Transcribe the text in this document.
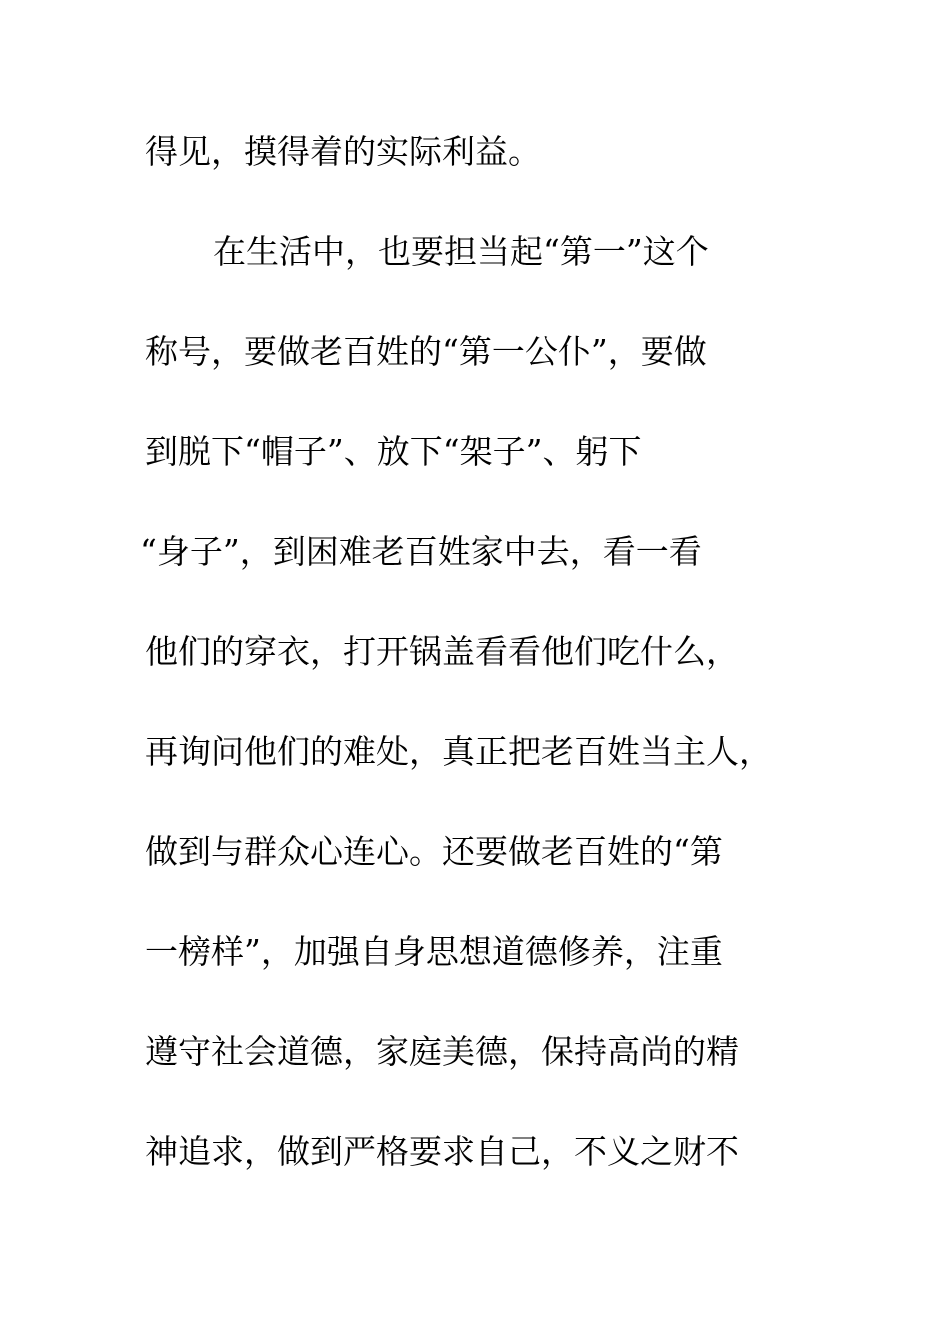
得见，摸得着的实际利益。
在生活中，也要担当起“第一”这个
称号，要做老百姓的“第一公仆”，要做
到脱下“帽子”、放下“架子”、躬下
“身子”，到困难老百姓家中去，看一看
他们的穿衣，打开锅盖看看他们吃什么，
再询问他们的难处，真正把老百姓当主人，
做到与群众心连心。还要做老百姓的“第
一榜样”，加强自身思想道德修养，注重
遵守社会道德，家庭美德，保持高尚的精
神追求，做到严格要求自己，不义之财不
